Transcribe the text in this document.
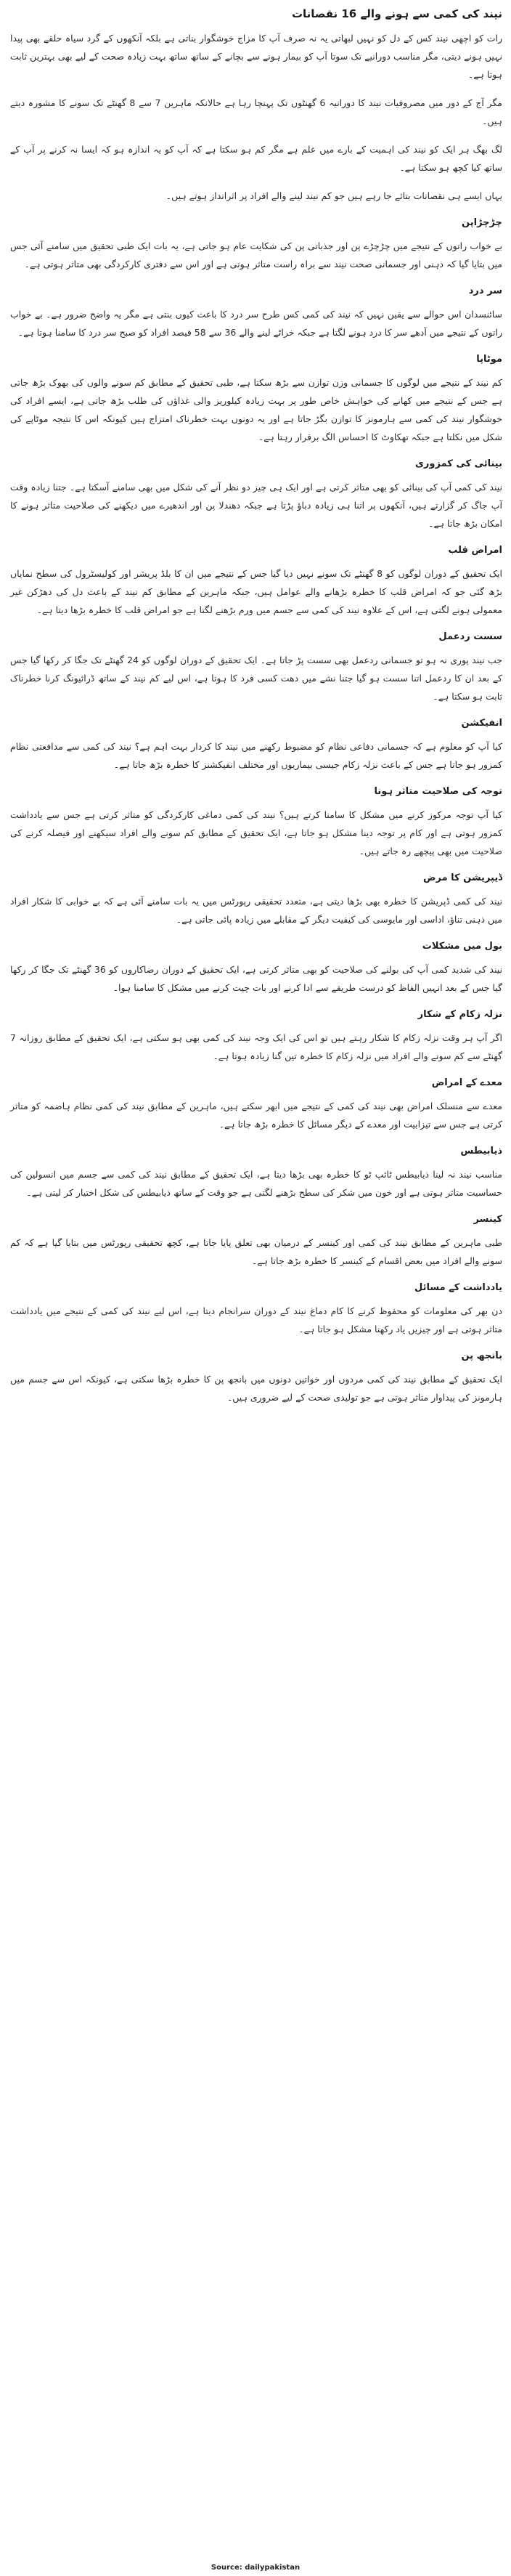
نیند کی کمی سے ہونے والے 16 نقصانات
رات کو اچھی نیند کس کے دل کو نہیں لبھاتی یہ نہ صرف آپ کا مزاج خوشگوار بناتی ہے بلکہ آنکھوں کے گرد سیاہ حلقے بھی پیدا نہیں ہونے دیتی، مگر مناسب دورانیے تک سوتا آپ کو بیمار ہونے سے بچانے کے ساتھ ساتھ بہت زیادہ صحت کے لیے بھی بہترین ثابت ہوتا ہے۔
مگر آج کے دور میں مصروفیات نیند کا دورانیہ 6 گھنٹوں تک پہنچا رہا ہے حالانکہ ماہرین 7 سے 8 گھنٹے تک سونے کا مشورہ دیتے ہیں۔
لگ بھگ ہر ایک کو نیند کی اہمیت کے بارے میں علم ہے مگر کم ہو سکتا ہے کہ آپ کو یہ اندازہ ہو کہ ایسا نہ کرنے پر آپ کے ساتھ کیا کچھ ہو سکتا ہے۔
یہاں ایسے ہی نقصانات بتائے جا رہے ہیں جو کم نیند لینے والے افراد پر اثرانداز ہوتے ہیں۔
چڑچڑاپن
بے خواب راتوں کے نتیجے میں چڑچڑے پن اور جذباتی پن کی شکایت عام ہو جاتی ہے، یہ بات ایک طبی تحقیق میں سامنے آئی جس میں بتایا گیا کہ ذہنی اور جسمانی صحت نیند سے براہ راست متاثر ہوتی ہے اور اس سے دفتری کارکردگی بھی متاثر ہوتی ہے۔
سر درد
سائنسدان اس حوالے سے یقین نہیں کہ نیند کی کمی کس طرح سر درد کا باعث کیوں بنتی ہے مگر یہ واضح ضرور ہے۔ بے خواب راتوں کے نتیجے میں آدھے سر کا درد ہونے لگتا ہے جبکہ خراٹے لینے والے 36 سے 58 فیصد افراد کو صبح سر درد کا سامنا ہوتا ہے۔
موٹاپا
کم نیند کے نتیجے میں لوگوں کا جسمانی وزن توازن سے بڑھ سکتا ہے، طبی تحقیق کے مطابق کم سونے والوں کی بھوک بڑھ جاتی ہے جس کے نتیجے میں کھانے کی خواہش خاص طور پر بہت زیادہ کیلوریز والی غذاؤں کی طلب بڑھ جاتی ہے، ایسے افراد کی خوشگوار نیند کی کمی سے ہارمونز کا توازن بگڑ جاتا ہے اور یہ دونوں بہت خطرناک امتزاج ہیں کیونکہ اس کا نتیجہ موٹاپے کی شکل میں نکلتا ہے جبکہ تھکاوٹ کا احساس الگ برقرار رہتا ہے۔
بینائی کی کمزوری
نیند کی کمی آپ کی بینائی کو بھی متاثر کرتی ہے اور ایک ہی چیز دو نظر آنے کی شکل میں بھی سامنے آسکتا ہے۔ جتنا زیادہ وقت آپ جاگ کر گزارتے ہیں، آنکھوں پر اتنا ہی زیادہ دباؤ پڑتا ہے جبکہ دھندلا پن اور اندھیرے میں دیکھنے کی صلاحیت متاثر ہونے کا امکان بڑھ جاتا ہے۔
امراض قلب
ایک تحقیق کے دوران لوگوں کو 8 گھنٹے تک سونے نہیں دیا گیا جس کے نتیجے میں ان کا بلڈ پریشر اور کولیسٹرول کی سطح نمایاں بڑھ گئی جو کہ امراض قلب کا خطرہ بڑھانے والے عوامل ہیں، جبکہ ماہرین کے مطابق کم نیند کے باعث دل کی دھڑکن غیر معمولی ہونے لگتی ہے، اس کے علاوہ نیند کی کمی سے جسم میں ورم بڑھنے لگتا ہے جو امراض قلب کا خطرہ بڑھا دیتا ہے۔
سست ردعمل
جب نیند پوری نہ ہو تو جسمانی ردعمل بھی سست پڑ جاتا ہے۔ ایک تحقیق کے دوران لوگوں کو 24 گھنٹے تک جگا کر رکھا گیا جس کے بعد ان کا ردعمل اتنا سست ہو گیا جتنا نشے میں دھت کسی فرد کا ہوتا ہے، اس لیے کم نیند کے ساتھ ڈرائیونگ کرنا خطرناک ثابت ہو سکتا ہے۔
انفیکشن
کیا آپ کو معلوم ہے کہ جسمانی دفاعی نظام کو مضبوط رکھنے میں نیند کا کردار بہت اہم ہے؟ نیند کی کمی سے مدافعتی نظام کمزور ہو جاتا ہے جس کے باعث نزلہ زکام جیسی بیماریوں اور مختلف انفیکشنز کا خطرہ بڑھ جاتا ہے۔
توجہ کی صلاحیت متاثر ہونا
کیا آپ توجہ مرکوز کرنے میں مشکل کا سامنا کرتے ہیں؟ نیند کی کمی دماغی کارکردگی کو متاثر کرتی ہے جس سے یادداشت کمزور ہوتی ہے اور کام پر توجہ دینا مشکل ہو جاتا ہے، ایک تحقیق کے مطابق کم سونے والے افراد سیکھنے اور فیصلہ کرنے کی صلاحیت میں بھی پیچھے رہ جاتے ہیں۔
ڈیپریشن کا مرض
نیند کی کمی ڈپریشن کا خطرہ بھی بڑھا دیتی ہے، متعدد تحقیقی رپورٹس میں یہ بات سامنے آئی ہے کہ بے خوابی کا شکار افراد میں ذہنی تناؤ، اداسی اور مایوسی کی کیفیت دیگر کے مقابلے میں زیادہ پائی جاتی ہے۔
بول میں مشکلات
نیند کی شدید کمی آپ کی بولنے کی صلاحیت کو بھی متاثر کرتی ہے، ایک تحقیق کے دوران رضاکاروں کو 36 گھنٹے تک جگا کر رکھا گیا جس کے بعد انہیں الفاظ کو درست طریقے سے ادا کرنے اور بات چیت کرنے میں مشکل کا سامنا ہوا۔
نزلہ زکام کے شکار
اگر آپ ہر وقت نزلہ زکام کا شکار رہتے ہیں تو اس کی ایک وجہ نیند کی کمی بھی ہو سکتی ہے، ایک تحقیق کے مطابق روزانہ 7 گھنٹے سے کم سونے والے افراد میں نزلہ زکام کا خطرہ تین گنا زیادہ ہوتا ہے۔
معدے کے امراض
معدے سے منسلک امراض بھی نیند کی کمی کے نتیجے میں ابھر سکتے ہیں، ماہرین کے مطابق نیند کی کمی نظام ہاضمہ کو متاثر کرتی ہے جس سے تیزابیت اور معدے کے دیگر مسائل کا خطرہ بڑھ جاتا ہے۔
ذیابیطس
مناسب نیند نہ لینا ذیابیطس ٹائپ ٹو کا خطرہ بھی بڑھا دیتا ہے، ایک تحقیق کے مطابق نیند کی کمی سے جسم میں انسولین کی حساسیت متاثر ہوتی ہے اور خون میں شکر کی سطح بڑھنے لگتی ہے جو وقت کے ساتھ ذیابیطس کی شکل اختیار کر لیتی ہے۔
کینسر
طبی ماہرین کے مطابق نیند کی کمی اور کینسر کے درمیان بھی تعلق پایا جاتا ہے، کچھ تحقیقی رپورٹس میں بتایا گیا ہے کہ کم سونے والے افراد میں بعض اقسام کے کینسر کا خطرہ بڑھ جاتا ہے۔
یادداشت کے مسائل
دن بھر کی معلومات کو محفوظ کرنے کا کام دماغ نیند کے دوران سرانجام دیتا ہے، اس لیے نیند کی کمی کے نتیجے میں یادداشت متاثر ہوتی ہے اور چیزیں یاد رکھنا مشکل ہو جاتا ہے۔
بانجھ پن
ایک تحقیق کے مطابق نیند کی کمی مردوں اور خواتین دونوں میں بانجھ پن کا خطرہ بڑھا سکتی ہے، کیونکہ اس سے جسم میں ہارمونز کی پیداوار متاثر ہوتی ہے جو تولیدی صحت کے لیے ضروری ہیں۔
Source: dailypakistan
